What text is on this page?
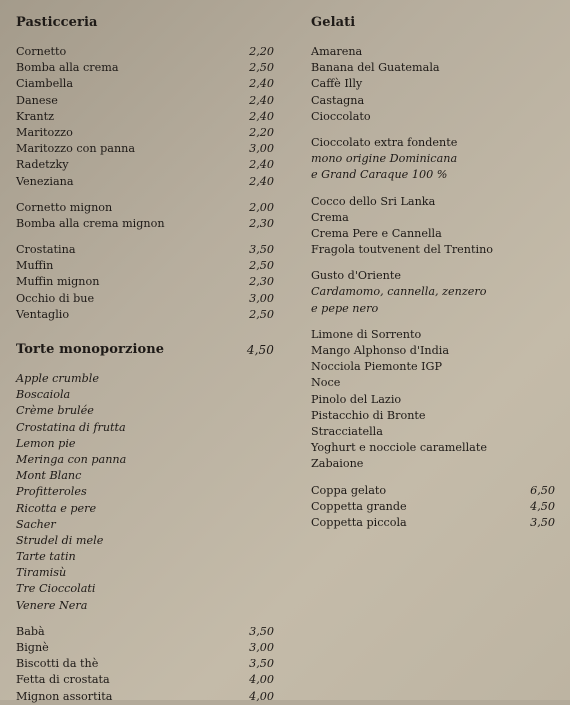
Pasticceria
Cornetto	2,20
Bomba alla crema	2,50
Ciambella	2,40
Danese	2,40
Krantz	2,40
Maritozzo	2,20
Maritozzo con panna	3,00
Radetzky	2,40
Veneziana	2,40
Cornetto mignon	2,00
Bomba alla crema mignon	2,30
Crostatina	3,50
Muffin	2,50
Muffin mignon	2,30
Occhio di bue	3,00
Ventaglio	2,50
Torte monoporzione	4,50
Apple crumble
Boscaiola
Crème brulée
Crostatina di frutta
Lemon pie
Meringa con panna
Mont Blanc
Profitteroles
Ricotta e pere
Sacher
Strudel di mele
Tarte tatin
Tiramisù
Tre Cioccolati
Venere Nera
Babà	3,50
Bignè	3,00
Biscotti da thè	3,50
Fetta di crostata	4,00
Mignon assortita	4,00
Gelati
Amarena
Banana del Guatemala
Caffè Illy
Castagna
Cioccolato
Cioccolato extra fondente
mono origine Dominicana
e Grand Caraque 100 %
Cocco dello Sri Lanka
Crema
Crema Pere e Cannella
Fragola toutvenent del Trentino
Gusto d'Oriente
Cardamomo, cannella, zenzero
e pepe nero
Limone di Sorrento
Mango Alphonso d'India
Nocciola Piemonte IGP
Noce
Pinolo del Lazio
Pistacchio di Bronte
Stracciatella
Yoghurt e nocciole caramellate
Zabaione
Coppa gelato	6,50
Coppetta grande	4,50
Coppetta piccola	3,50
